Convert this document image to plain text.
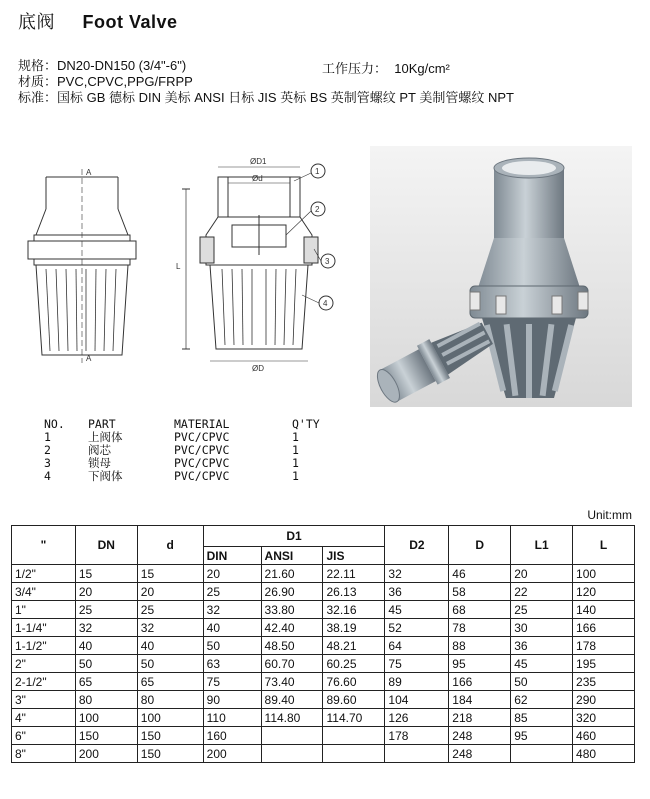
底阀 Foot Valve
规格：DN20-DN150 (3/4"-6")	工作压力： 10Kg/cm²
材质：PVC,CPVC,PPG/FRPP
标准：国标 GB 德标 DIN 美标 ANSI 日标 JIS 英标 BS 英制管螺纹 PT 美制管螺纹 NPT
ØD1
Ød
ØD
A
A
L
1
2
3
4
NO.	PART	MATERIAL	Q'TY
1	上阀体	PVC/CPVC	1
2	阀芯	PVC/CPVC	1
3	锁母	PVC/CPVC	1
4	下阀体	PVC/CPVC	1
Unit:mm
"	DN	d	D1			D2	D	L1	L
			DIN	ANSI	JIS				
1/2"	15	15	20	21.60	22.11	32	46	20	100
3/4"	20	20	25	26.90	26.13	36	58	22	120
1"	25	25	32	33.80	32.16	45	68	25	140
1-1/4"	32	32	40	42.40	38.19	52	78	30	166
1-1/2"	40	40	50	48.50	48.21	64	88	36	178
2"	50	50	63	60.70	60.25	75	95	45	195
2-1/2"	65	65	75	73.40	76.60	89	166	50	235
3"	80	80	90	89.40	89.60	104	184	62	290
4"	100	100	110	114.80	114.70	126	218	85	320
6"	150	150	160			178	248	95	460
8"	200	150	200				248		480
